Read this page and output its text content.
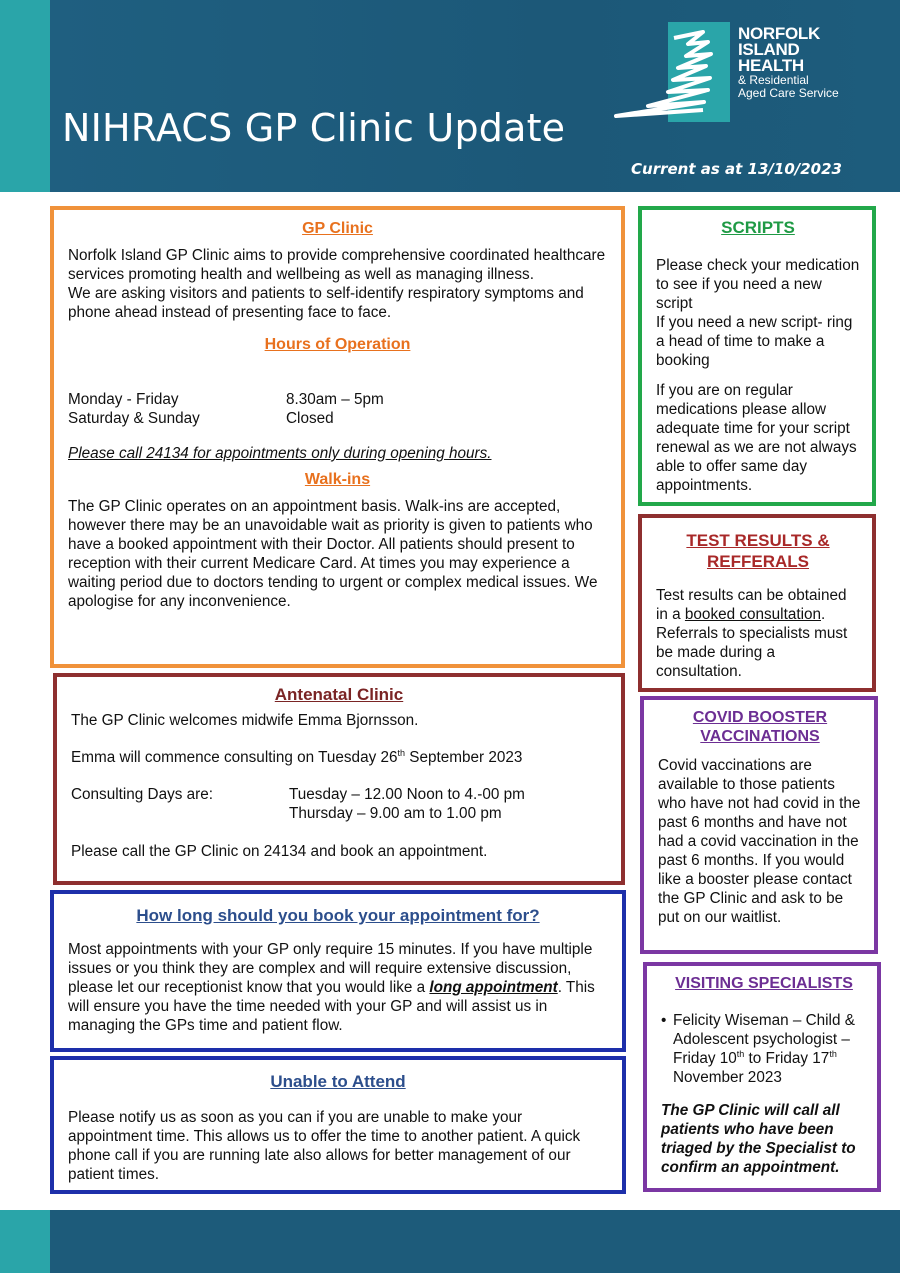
NORFOLK
ISLAND
HEALTH
& Residential
Aged Care Service
NIHRACS GP Clinic Update
Current as at 13/10/2023
GP Clinic
Norfolk Island GP Clinic aims to provide comprehensive coordinated healthcare services promoting health and wellbeing as well as managing illness.
We are asking visitors and patients to self-identify respiratory symptoms and phone ahead instead of presenting face to face.
Hours of Operation
Monday - Friday	8.30am – 5pm
Saturday & Sunday	Closed
Please call 24134 for appointments only during opening hours.
Walk-ins
The GP Clinic operates on an appointment basis. Walk-ins are accepted, however there may be an unavoidable wait as priority is given to patients who have a booked appointment with their Doctor. All patients should present to reception with their current Medicare Card. At times you may experience a waiting period due to doctors tending to urgent or complex medical issues. We apologise for any inconvenience.
Antenatal Clinic
The GP Clinic welcomes midwife Emma Bjornsson.
Emma will commence consulting on Tuesday 26th September 2023
Consulting Days are:	Tuesday – 12.00 Noon to 4.-00 pm
Thursday – 9.00 am to 1.00 pm
Please call the GP Clinic on 24134 and book an appointment.
How long should you book your appointment for?
Most appointments with your GP only require 15 minutes. If you have multiple issues or you think they are complex and will require extensive discussion, please let our receptionist know that you would like a long appointment. This will ensure you have the time needed with your GP and will assist us in managing the GPs time and patient flow.
Unable to Attend
Please notify us as soon as you can if you are unable to make your appointment time. This allows us to offer the time to another patient. A quick phone call if you are running late also allows for better management of our patient times.
SCRIPTS
Please check your medication to see if you need a new script
If you need a new script- ring a head of time to make a booking
If you are on regular medications please allow adequate time for your script renewal as we are not always able to offer same day appointments.
TEST RESULTS & REFFERALS
Test results can be obtained in a booked consultation. Referrals to specialists must be made during a consultation.
COVID BOOSTER VACCINATIONS
Covid vaccinations are available to those patients who have not had covid in the past 6 months and have not had a covid vaccination in the past 6 months. If you would like a booster please contact the GP Clinic and ask to be put on our waitlist.
VISITING SPECIALISTS
• Felicity Wiseman – Child & Adolescent psychologist – Friday 10th to Friday 17th November 2023
The GP Clinic will call all patients who have been triaged by the Specialist to confirm an appointment.
